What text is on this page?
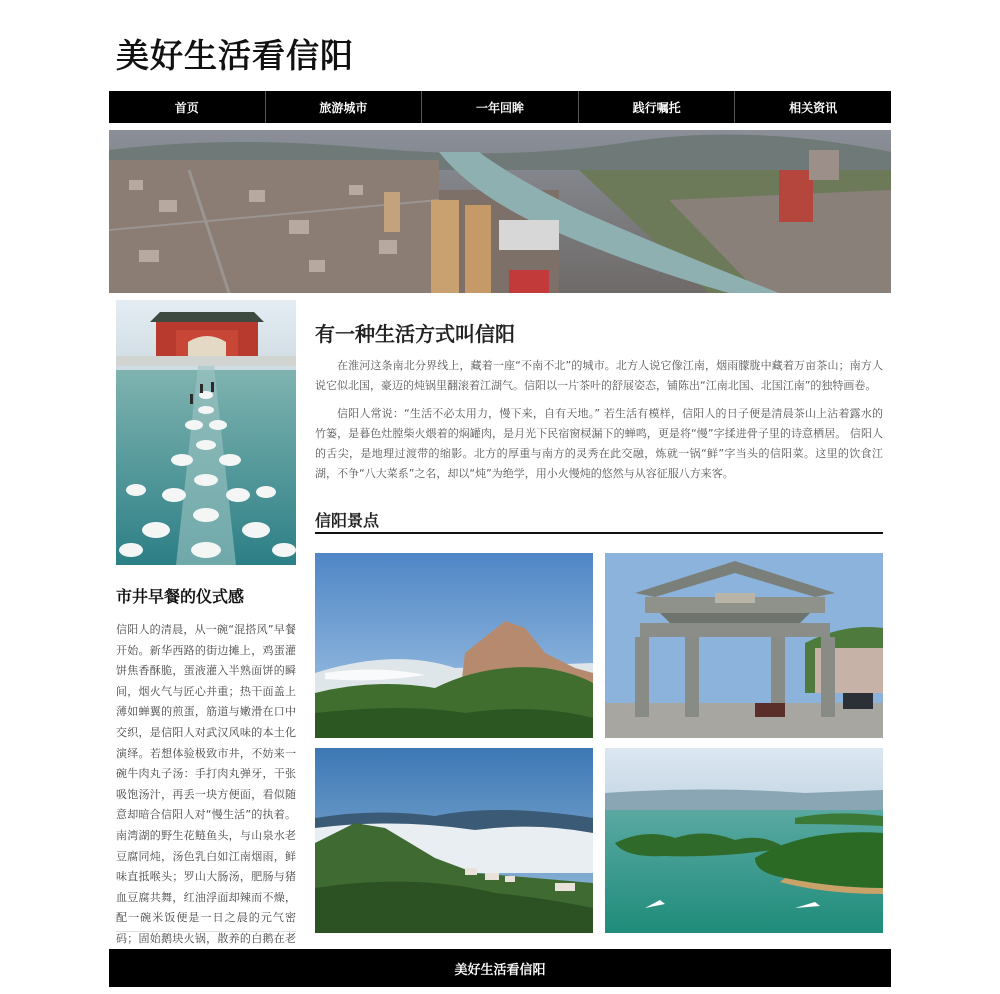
美好生活看信阳
首页	旅游城市	一年回眸	践行嘱托	相关资讯
市井早餐的仪式感
信阳人的清晨，从一碗“混搭风”早餐开始。新华西路的街边摊上，鸡蛋灌饼焦香酥脆，蛋液灌入半熟面饼的瞬间，烟火气与匠心并重；热干面盖上薄如蝉翼的煎蛋，筋道与嫩滑在口中交织，是信阳人对武汉风味的本土化演绎。若想体验极致市井，不妨来一碗牛肉丸子汤：手打肉丸弹牙，干张吸饱汤汁，再丢一块方便面，看似随意却暗合信阳人对“慢生活”的执着。南湾湖的野生花鲢鱼头，与山泉水老豆腐同炖，汤色乳白如江南烟雨，鲜味直抵喉头；罗山大肠汤，肥肠与猪血豆腐共舞，红油浮面却辣而不燥，配一碗米饭便是一日之晨的元气密码；固始鹅块火锅，散养的白鹅在老
有一种生活方式叫信阳

在淮河这条南北分界线上，藏着一座“不南不北”的城市。北方人说它像江南，烟雨朦胧中藏着万亩茶山；南方人说它似北国，豪迈的炖锅里翻滚着江湖气。信阳以一片茶叶的舒展姿态，铺陈出“江南北国、北国江南”的独特画卷。

信阳人常说：“生活不必太用力，慢下来，自有天地。” 若生活有模样，信阳人的日子便是清晨茶山上沾着露水的竹篓，是暮色灶膛柴火煨着的焖罐肉，是月光下民宿窗棂漏下的蝉鸣，更是将“慢”字揉进骨子里的诗意栖居。 信阳人的舌尖，是地理过渡带的缩影。北方的厚重与南方的灵秀在此交融，炼就一锅“鲜”字当头的信阳菜。这里的饮食江湖，不争“八大菜系”之名，却以“炖”为绝学，用小火慢炖的悠然与从容征服八方来客。

信阳景点
美好生活看信阳
